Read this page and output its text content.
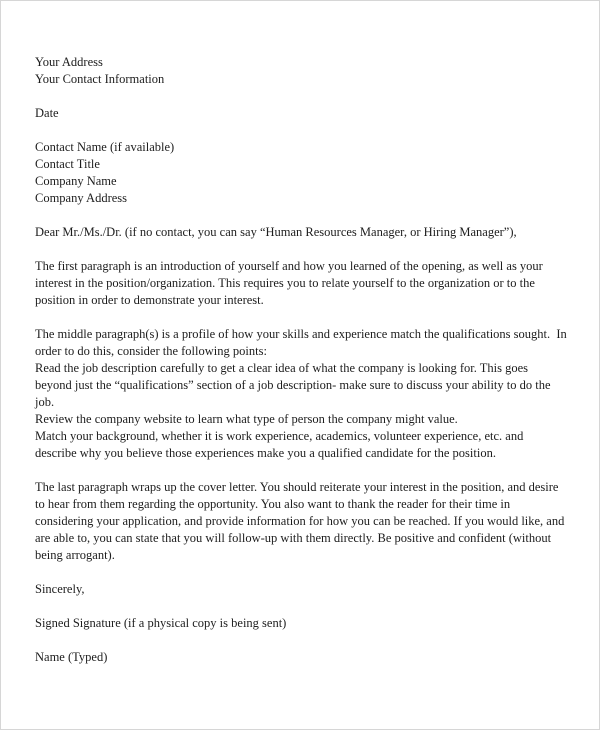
Your Address
Your Contact Information
Date
Contact Name (if available)
Contact Title
Company Name
Company Address
Dear Mr./Ms./Dr. (if no contact, you can say “Human Resources Manager, or Hiring Manager”),
The first paragraph is an introduction of yourself and how you learned of the opening, as well as your
interest in the position/organization. This requires you to relate yourself to the organization or to the
position in order to demonstrate your interest.
The middle paragraph(s) is a profile of how your skills and experience match the qualifications sought.  In
order to do this, consider the following points:
Read the job description carefully to get a clear idea of what the company is looking for. This goes
beyond just the “qualifications” section of a job description- make sure to discuss your ability to do the
job.
Review the company website to learn what type of person the company might value.
Match your background, whether it is work experience, academics, volunteer experience, etc. and
describe why you believe those experiences make you a qualified candidate for the position.
The last paragraph wraps up the cover letter. You should reiterate your interest in the position, and desire
to hear from them regarding the opportunity. You also want to thank the reader for their time in
considering your application, and provide information for how you can be reached. If you would like, and
are able to, you can state that you will follow-up with them directly. Be positive and confident (without
being arrogant).
Sincerely,
Signed Signature (if a physical copy is being sent)
Name (Typed)
